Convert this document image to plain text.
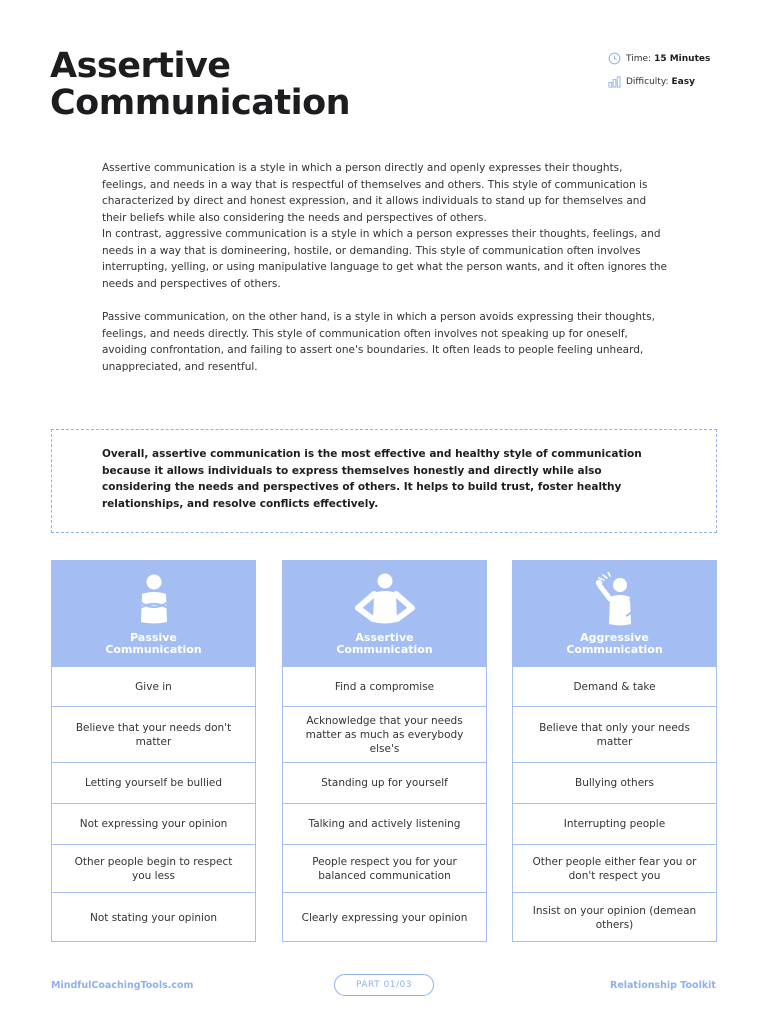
Assertive
Communication
Time: 15 Minutes
Difficulty: Easy

Assertive communication is a style in which a person directly and openly expresses their thoughts, feelings, and needs in a way that is respectful of themselves and others. This style of communication is characterized by direct and honest expression, and it allows individuals to stand up for themselves and their beliefs while also considering the needs and perspectives of others.

In contrast, aggressive communication is a style in which a person expresses their thoughts, feelings, and needs in a way that is domineering, hostile, or demanding. This style of communication often involves interrupting, yelling, or using manipulative language to get what the person wants, and it often ignores the needs and perspectives of others.

Passive communication, on the other hand, is a style in which a person avoids expressing their thoughts, feelings, and needs directly. This style of communication often involves not speaking up for oneself, avoiding confrontation, and failing to assert one's boundaries. It often leads to people feeling unheard, unappreciated, and resentful.

Overall, assertive communication is the most effective and healthy style of communication because it allows individuals to express themselves honestly and directly while also considering the needs and perspectives of others. It helps to build trust, foster healthy relationships, and resolve conflicts effectively.

Passive
Communication
Give in
Believe that your needs don't matter
Letting yourself be bullied
Not expressing your opinion
Other people begin to respect you less
Not stating your opinion
Assertive
Communication
Find a compromise
Acknowledge that your needs matter as much as everybody else's
Standing up for yourself
Talking and actively listening
People respect you for your balanced communication
Clearly expressing your opinion
Aggressive
Communication
Demand & take
Believe that only your needs matter
Bullying others
Interrupting people
Other people either fear you or don't respect you
Insist on your opinion (demean others)
MindfulCoachingTools.com	PART 01/03	Relationship Toolkit
